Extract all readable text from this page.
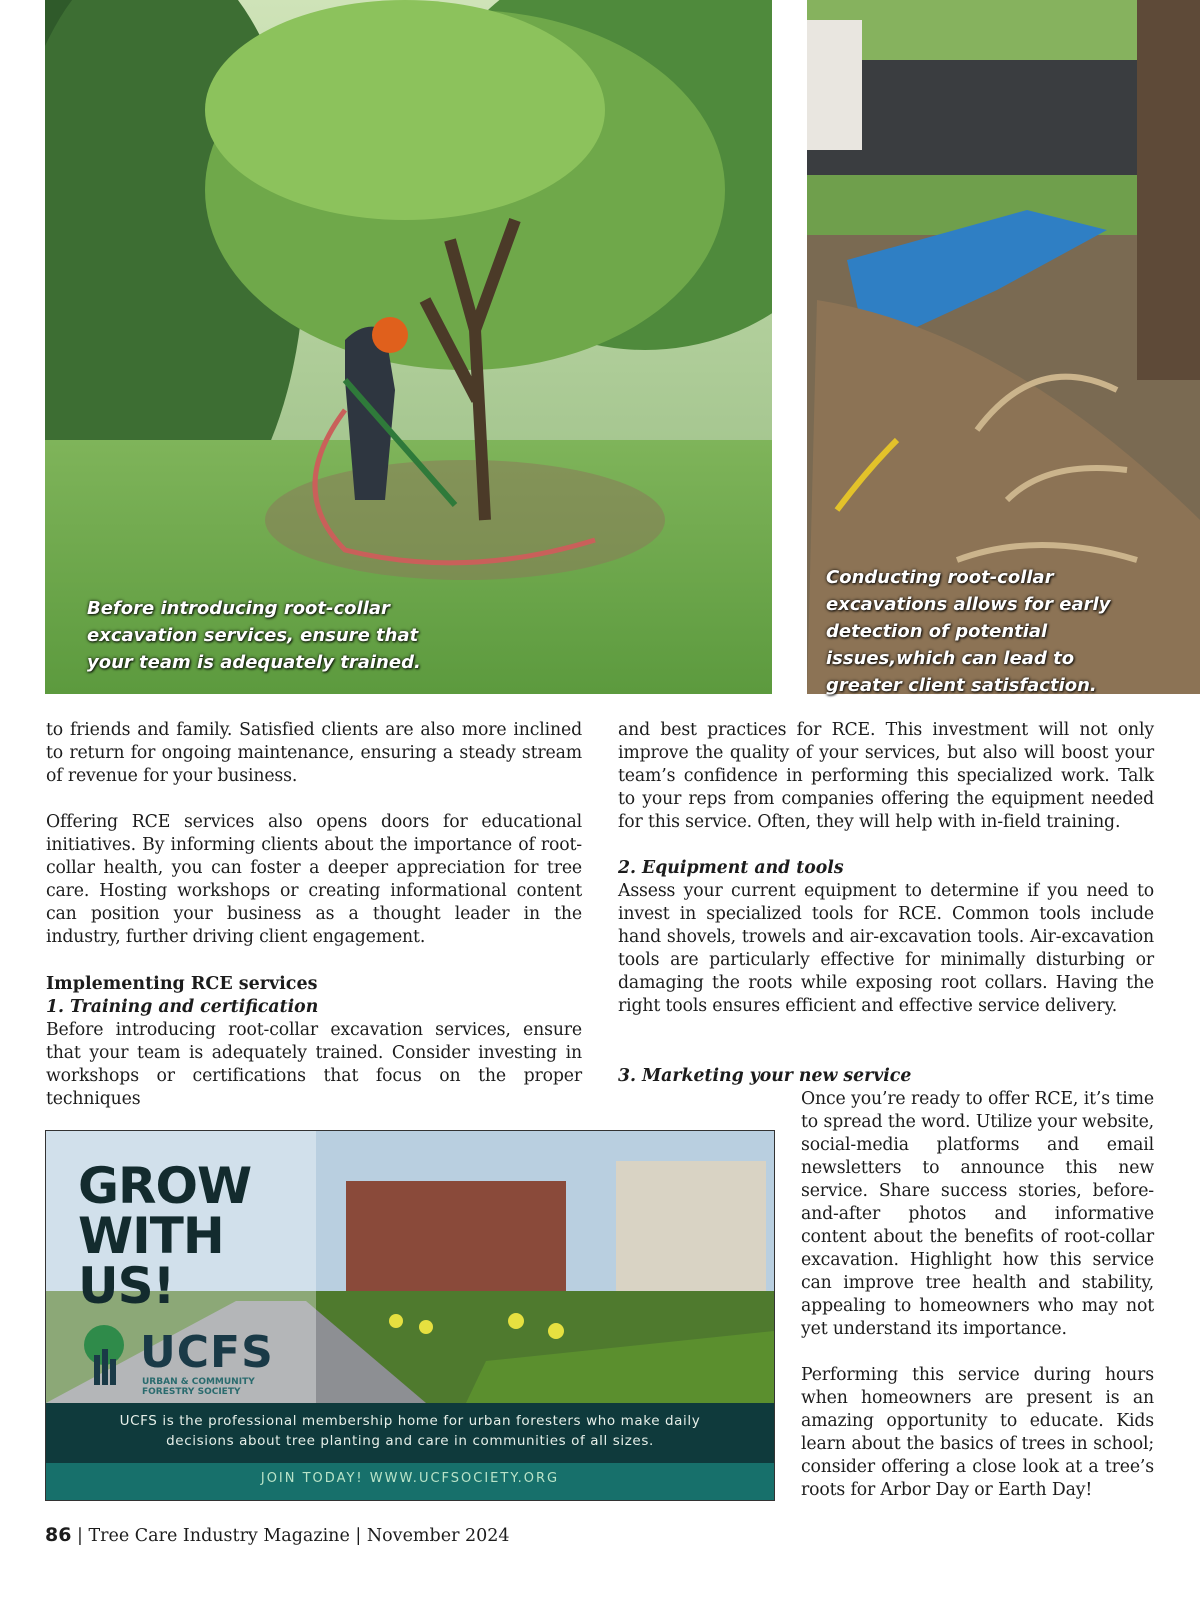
Before introducing root-collar excavation services, ensure that your team is adequately trained.
Conducting root-collar excavations allows for early detection of potential issues,which can lead to greater client satisfaction.

to friends and family. Satisfied clients are also more inclined to return for ongoing maintenance, ensuring a steady stream of revenue for your business.

Offering RCE services also opens doors for educational initiatives. By informing clients about the importance of root-collar health, you can foster a deeper appreciation for tree care. Hosting workshops or creating informational content can position your business as a thought leader in the industry, further driving client engagement.

Implementing RCE services

1. Training and certification

Before introducing root-collar excavation services, ensure that your team is adequately trained. Consider investing in workshops or certifications that focus on the proper techniques

and best practices for RCE. This investment will not only improve the quality of your services, but also will boost your team’s confidence in performing this specialized work. Talk to your reps from companies offering the equipment needed for this service. Often, they will help with in-field training.

2. Equipment and tools

Assess your current equipment to determine if you need to invest in specialized tools for RCE. Common tools include hand shovels, trowels and air-excavation tools. Air-excavation tools are particularly effective for minimally disturbing or damaging the roots while exposing root collars. Having the right tools ensures efficient and effective service delivery.

3. Marketing your new service

Once you’re ready to offer RCE, it’s time to spread the word. Utilize your website, social-media platforms and email newsletters to announce this new service. Share success stories, before-and-after photos and informative content about the benefits of root-collar excavation. Highlight how this service can improve tree health and stability, appealing to homeowners who may not yet understand its importance.

Performing this service during hours when homeowners are present is an amazing opportunity to educate. Kids learn about the basics of trees in school; consider offering a close look at a tree’s roots for Arbor Day or Earth Day!

GROW
WITH
US!
UCFS
URBAN & COMMUNITY
FORESTRY SOCIETY
UCFS is the professional membership home for urban foresters who make daily
decisions about tree planting and care in communities of all sizes.
JOIN TODAY! WWW.UCFSOCIETY.ORG
86 | Tree Care Industry Magazine | November 2024
